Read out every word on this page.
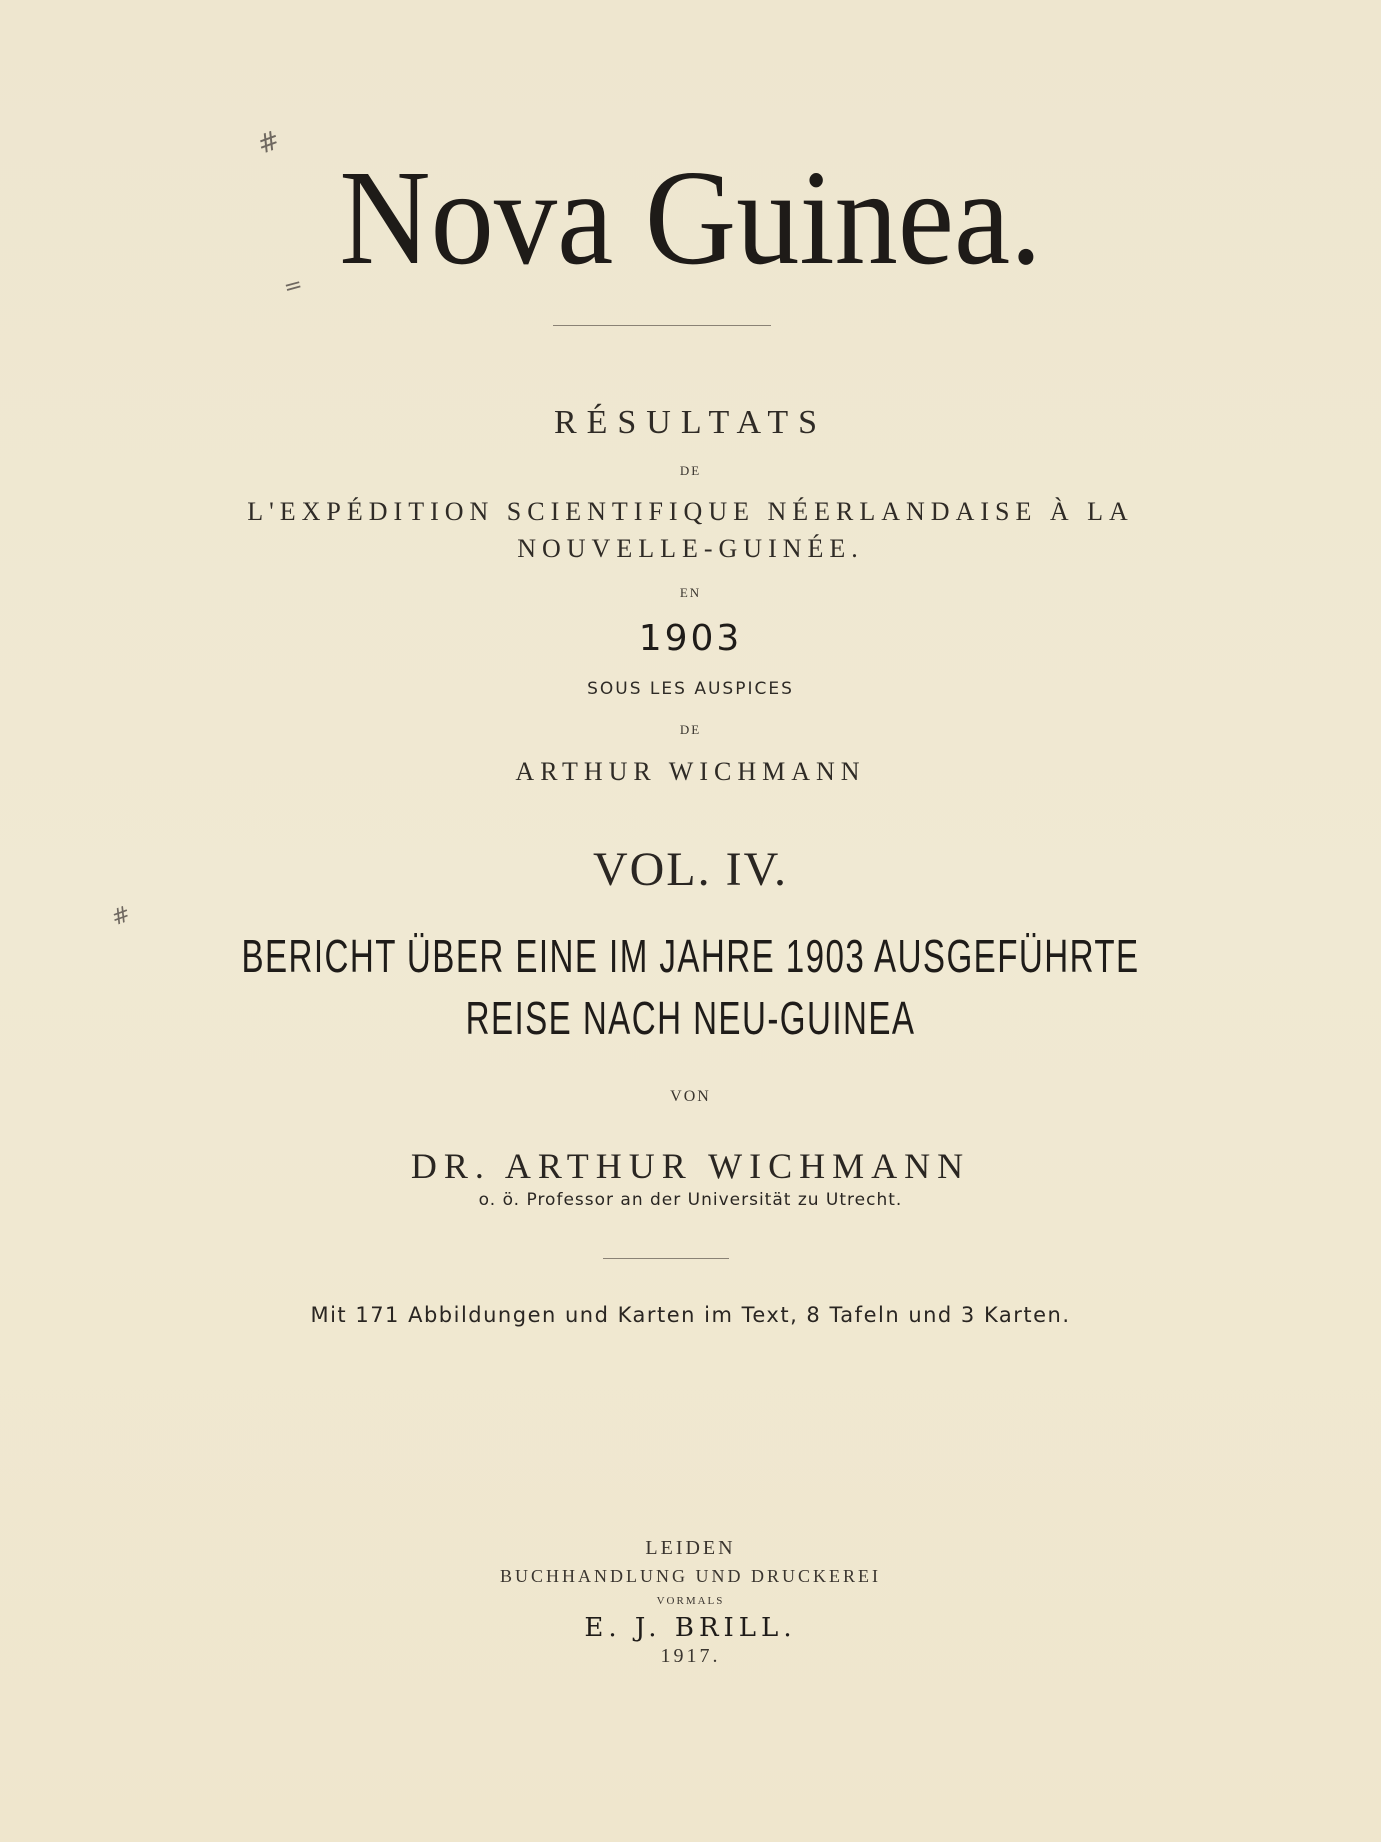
#
=
#
Nova Guinea.
RÉSULTATS
DE
L'EXPÉDITION SCIENTIFIQUE NÉERLANDAISE À LA
NOUVELLE-GUINÉE.
EN
1903
SOUS LES AUSPICES
DE
ARTHUR WICHMANN
VOL. IV.
BERICHT ÜBER EINE IM JAHRE 1903 AUSGEFÜHRTE
REISE NACH NEU-GUINEA
VON
DR. ARTHUR WICHMANN
o. ö. Professor an der Universität zu Utrecht.
Mit 171 Abbildungen und Karten im Text, 8 Tafeln und 3 Karten.
LEIDEN
BUCHHANDLUNG UND DRUCKEREI
VORMALS
E. J. BRILL.
1917.
